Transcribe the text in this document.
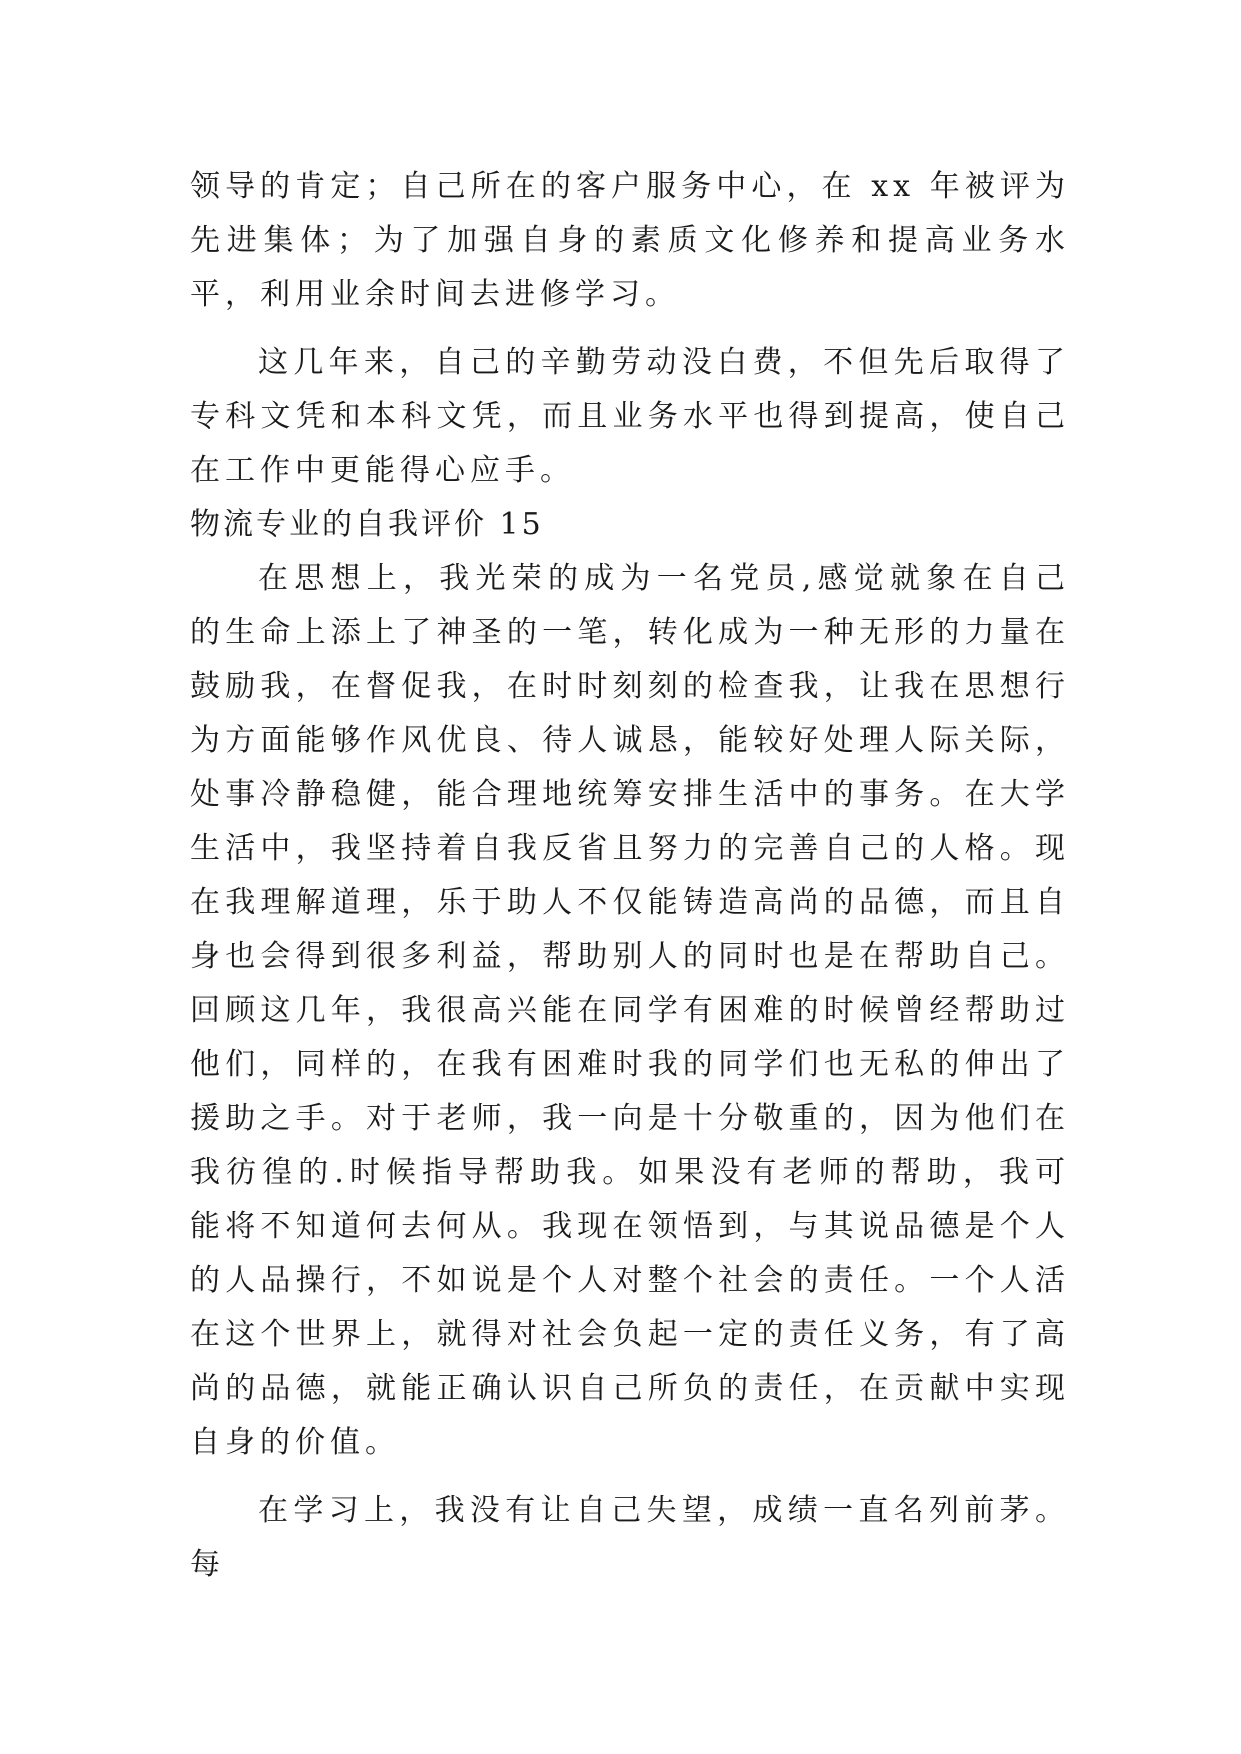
领导的肯定；自己所在的客户服务中心，在 xx 年被评为先进集体；为了加强自身的素质文化修养和提高业务水平，利用业余时间去进修学习。

这几年来，自己的辛勤劳动没白费，不但先后取得了专科文凭和本科文凭，而且业务水平也得到提高，使自己在工作中更能得心应手。

物流专业的自我评价 15

在思想上，我光荣的成为一名党员,感觉就象在自己的生命上添上了神圣的一笔，转化成为一种无形的力量在鼓励我，在督促我，在时时刻刻的检查我，让我在思想行为方面能够作风优良、待人诚恳，能较好处理人际关际，处事冷静稳健，能合理地统筹安排生活中的事务。在大学生活中，我坚持着自我反省且努力的完善自己的人格。现在我理解道理，乐于助人不仅能铸造高尚的品德，而且自身也会得到很多利益，帮助别人的同时也是在帮助自己。回顾这几年，我很高兴能在同学有困难的时候曾经帮助过他们，同样的，在我有困难时我的同学们也无私的伸出了援助之手。对于老师，我一向是十分敬重的，因为他们在我彷徨的.时候指导帮助我。如果没有老师的帮助，我可能将不知道何去何从。我现在领悟到，与其说品德是个人的人品操行，不如说是个人对整个社会的责任。一个人活在这个世界上，就得对社会负起一定的责任义务，有了高尚的品德，就能正确认识自己所负的责任，在贡献中实现自身的价值。

在学习上，我没有让自己失望，成绩一直名列前茅。每
